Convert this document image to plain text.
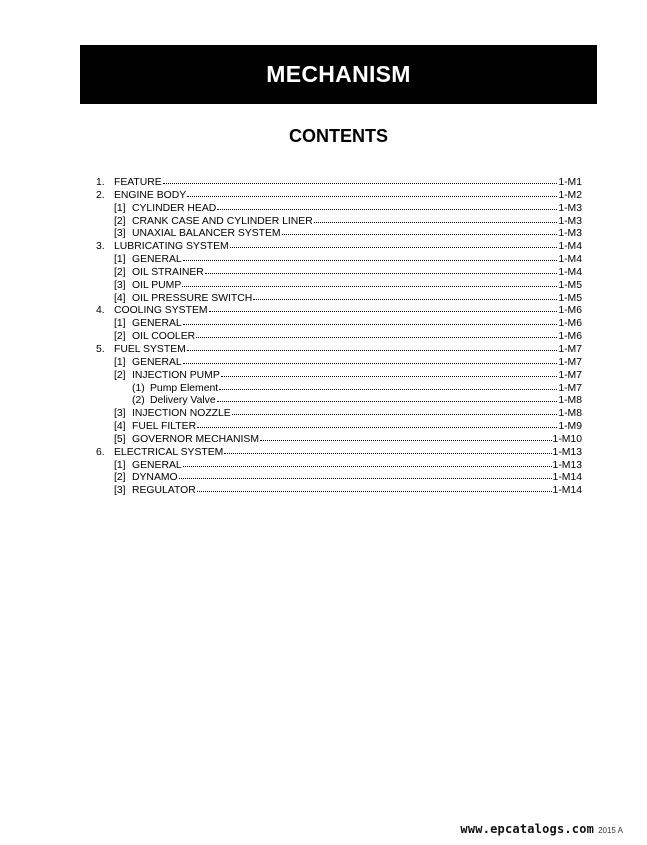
MECHANISM
CONTENTS
1. FEATURE	1-M1
2. ENGINE BODY	1-M2
[1] CYLINDER HEAD	1-M3
[2] CRANK CASE AND CYLINDER LINER	1-M3
[3] UNAXIAL BALANCER SYSTEM	1-M3
3. LUBRICATING SYSTEM	1-M4
[1] GENERAL	1-M4
[2] OIL STRAINER	1-M4
[3] OIL PUMP	1-M5
[4] OIL PRESSURE SWITCH	1-M5
4. COOLING SYSTEM	1-M6
[1] GENERAL	1-M6
[2] OIL COOLER	1-M6
5. FUEL SYSTEM	1-M7
[1] GENERAL	1-M7
[2] INJECTION PUMP	1-M7
(1) Pump Element	1-M7
(2) Delivery Valve	1-M8
[3] INJECTION NOZZLE	1-M8
[4] FUEL FILTER	1-M9
[5] GOVERNOR MECHANISM	1-M10
6. ELECTRICAL SYSTEM	1-M13
[1] GENERAL	1-M13
[2] DYNAMO	1-M14
[3] REGULATOR	1-M14
www.epcatalogs.com 2015 A
